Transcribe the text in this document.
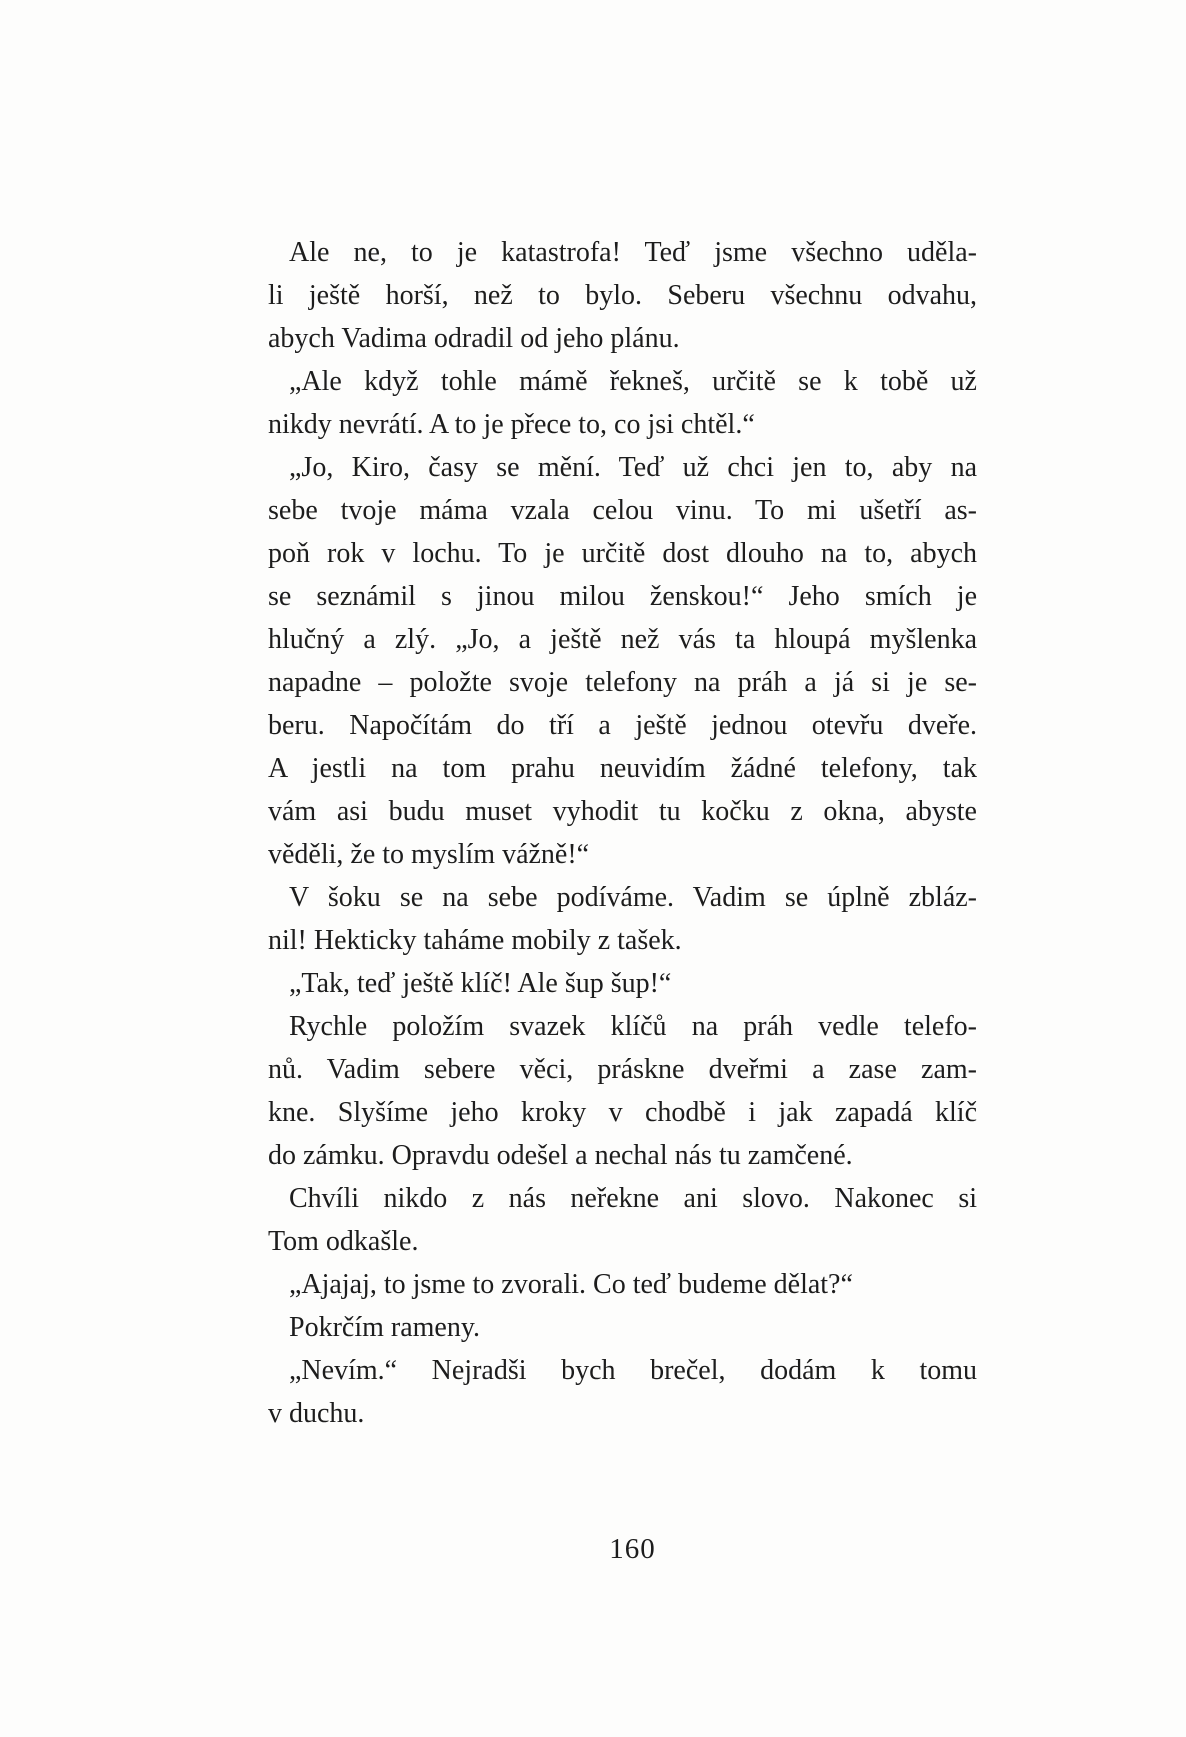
Ale ne, to je katastrofa! Teď jsme všechno uděla-
li ještě horší, než to bylo. Seberu všechnu odvahu,
abych Vadima odradil od jeho plánu.
„Ale když tohle mámě řekneš, určitě se k tobě už
nikdy nevrátí. A to je přece to, co jsi chtěl.“
„Jo, Kiro, časy se mění. Teď už chci jen to, aby na
sebe tvoje máma vzala celou vinu. To mi ušetří as-
poň rok v lochu. To je určitě dost dlouho na to, abych
se seznámil s jinou milou ženskou!“ Jeho smích je
hlučný a zlý. „Jo, a ještě než vás ta hloupá myšlenka
napadne – položte svoje telefony na práh a já si je se-
beru. Napočítám do tří a ještě jednou otevřu dveře.
A jestli na tom prahu neuvidím žádné telefony, tak
vám asi budu muset vyhodit tu kočku z okna, abyste
věděli, že to myslím vážně!“
V šoku se na sebe podíváme. Vadim se úplně zbláz-
nil! Hekticky taháme mobily z tašek.
„Tak, teď ještě klíč! Ale šup šup!“
Rychle položím svazek klíčů na práh vedle telefo-
nů. Vadim sebere věci, práskne dveřmi a zase zam-
kne. Slyšíme jeho kroky v chodbě i jak zapadá klíč
do zámku. Opravdu odešel a nechal nás tu zamčené.
Chvíli nikdo z nás neřekne ani slovo. Nakonec si
Tom odkašle.
„Ajajaj, to jsme to zvorali. Co teď budeme dělat?“
Pokrčím rameny.
„Nevím.“ Nejradši bych brečel, dodám k tomu
v duchu.
160
